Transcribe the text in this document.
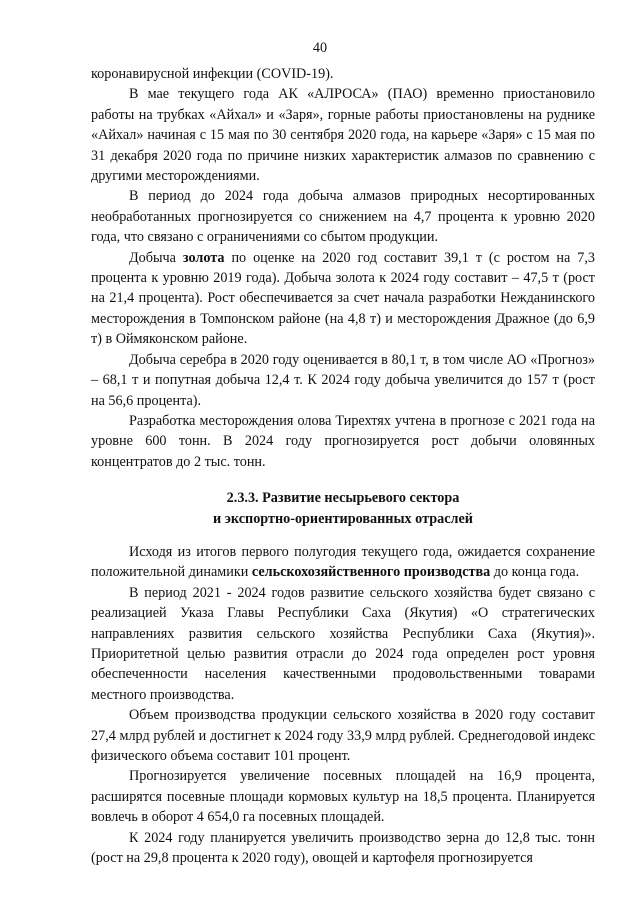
40

коронавирусной инфекции (COVID-19).

В мае текущего года АК «АЛРОСА» (ПАО) временно приостановило работы на трубках «Айхал» и «Заря», горные работы приостановлены на руднике «Айхал» начиная с 15 мая по 30 сентября 2020 года, на карьере «Заря» с 15 мая по 31 декабря 2020 года по причине низких характеристик алмазов по сравнению с другими месторождениями.

В период до 2024 года добыча алмазов природных несортированных необработанных прогнозируется со снижением на 4,7 процента к уровню 2020 года, что связано с ограничениями со сбытом продукции.

Добыча золота по оценке на 2020 год составит 39,1 т (с ростом на 7,3 процента к уровню 2019 года). Добыча золота к 2024 году составит – 47,5 т (рост на 21,4 процента). Рост обеспечивается за счет начала разработки Нежданинского месторождения в Томпонском районе (на 4,8 т) и месторождения Дражное (до 6,9 т) в Оймяконском районе.

Добыча серебра в 2020 году оценивается в 80,1 т, в том числе АО «Прогноз» – 68,1 т и попутная добыча 12,4 т. К 2024 году добыча увеличится до 157 т (рост на 56,6 процента).

Разработка месторождения олова Тирехтях учтена в прогнозе с 2021 года на уровне 600 тонн. В 2024 году прогнозируется рост добычи оловянных концентратов до 2 тыс. тонн.

2.3.3. Развитие несырьевого сектора
и экспортно-ориентированных отраслей

Исходя из итогов первого полугодия текущего года, ожидается сохранение положительной динамики сельскохозяйственного производства до конца года.

В период 2021 - 2024 годов развитие сельского хозяйства будет связано с реализацией Указа Главы Республики Саха (Якутия) «О стратегических направлениях развития сельского хозяйства Республики Саха (Якутия)». Приоритетной целью развития отрасли до 2024 года определен рост уровня обеспеченности населения качественными продовольственными товарами местного производства.

Объем производства продукции сельского хозяйства в 2020 году составит 27,4 млрд рублей и достигнет к 2024 году 33,9 млрд рублей. Среднегодовой индекс физического объема составит 101 процент.

Прогнозируется увеличение посевных площадей на 16,9 процента, расширятся посевные площади кормовых культур на 18,5 процента. Планируется вовлечь в оборот 4 654,0 га посевных площадей.

К 2024 году планируется увеличить производство зерна до 12,8 тыс. тонн (рост на 29,8 процента к 2020 году), овощей и картофеля прогнозируется
